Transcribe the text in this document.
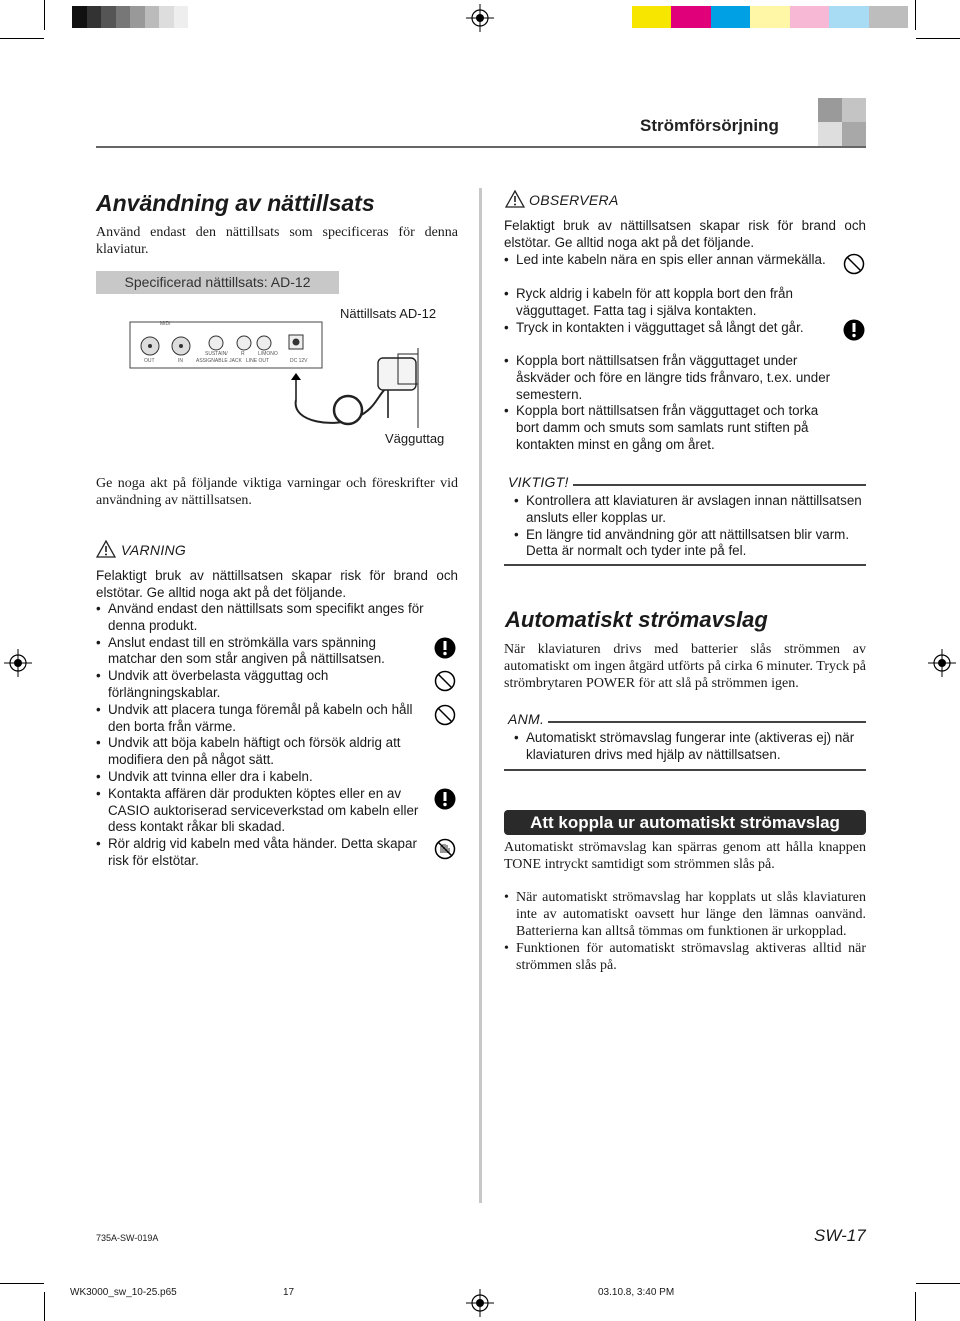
Strömförsörjning
Användning av nättillsats
Använd endast den nättillsats som specificeras för denna klaviatur.
Specificerad nättillsats: AD-12
Nättillsats AD-12
MIDI
OUT	IN
SUSTAIN/
ASSIGNABLE JACK
R	L/MONO
LINE OUT	DC 12V
Vägguttag
Ge noga akt på följande viktiga varningar och föreskrifter vid användning av nättillsatsen.
VARNING
Felaktigt bruk av nättillsatsen skapar risk för brand och elstötar. Ge alltid noga akt på det följande.
• Använd endast den nättillsats som specifikt anges för denna produkt.
• Anslut endast till en strömkälla vars spänning matchar den som står angiven på nättillsatsen.
• Undvik att överbelasta vägguttag och förlängningskablar.
• Undvik att placera tunga föremål på kabeln och håll den borta från värme.
• Undvik att böja kabeln häftigt och försök aldrig att modifiera den på något sätt.
• Undvik att tvinna eller dra i kabeln.
• Kontakta affären där produkten köptes eller en av CASIO auktoriserad serviceverkstad om kabeln eller dess kontakt råkar bli skadad.
• Rör aldrig vid kabeln med våta händer. Detta skapar risk för elstötar.
OBSERVERA
Felaktigt bruk av nättillsatsen skapar risk för brand och elstötar. Ge alltid noga akt på det följande.
• Led inte kabeln nära en spis eller annan värmekälla.
• Ryck aldrig i kabeln för att koppla bort den från vägguttaget. Fatta tag i själva kontakten.
• Tryck in kontakten i vägguttaget så långt det går.
• Koppla bort nättillsatsen från vägguttaget under åskväder och före en längre tids frånvaro, t.ex. under semestern.
• Koppla bort nättillsatsen från vägguttaget och torka bort damm och smuts som samlats runt stiften på kontakten minst en gång om året.
VIKTIGT!
• Kontrollera att klaviaturen är avslagen innan nättillsatsen ansluts eller kopplas ur.
• En längre tid användning gör att nättillsatsen blir varm. Detta är normalt och tyder inte på fel.
Automatiskt strömavslag
När klaviaturen drivs med batterier slås strömmen av automatiskt om ingen åtgärd utförts på cirka 6 minuter. Tryck på strömbrytaren POWER för att slå på strömmen igen.
ANM.
• Automatiskt strömavslag fungerar inte (aktiveras ej) när klaviaturen drivs med hjälp av nättillsatsen.
Att koppla ur automatiskt strömavslag
Automatiskt strömavslag kan spärras genom att hålla knappen TONE intryckt samtidigt som strömmen slås på.
• När automatiskt strömavslag har kopplats ut slås klaviaturen inte av automatiskt oavsett hur länge den lämnas oanvänd. Batterierna kan alltså tömmas om funktionen är urkopplad.
• Funktionen för automatiskt strömavslag aktiveras alltid när strömmen slås på.
735A-SW-019A	SW-17
WK3000_sw_10-25.p65	17	03.10.8, 3:40 PM
